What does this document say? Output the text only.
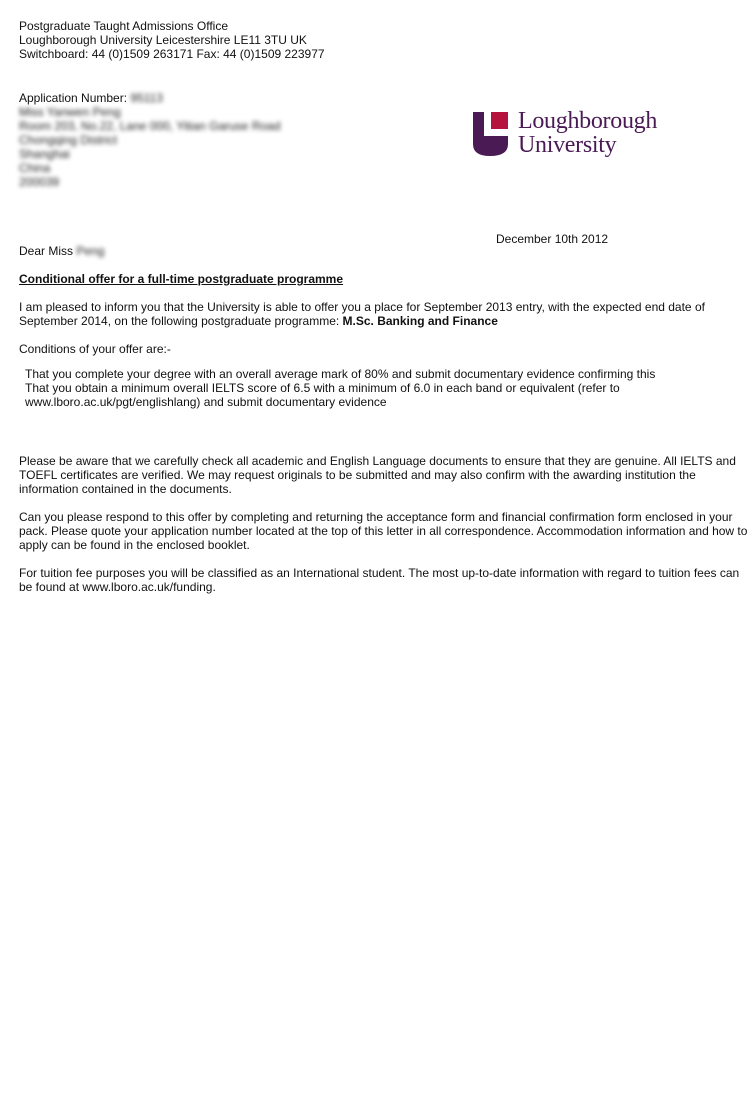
Postgraduate Taught Admissions Office
Loughborough University Leicestershire LE11 3TU UK
Switchboard: 44 (0)1509 263171 Fax: 44 (0)1509 223977
Application Number: 95113
Miss Yanwen Peng
Room 203, No.22, Lane 000, Yitian Garuse Road
Chongqing District
Shanghai
China
200039
Loughborough
University
December 10th 2012
Dear Miss Peng
Conditional offer for a full-time postgraduate programme
I am pleased to inform you that the University is able to offer you a place for September 2013 entry, with the expected end date of
September 2014, on the following postgraduate programme: M.Sc. Banking and Finance
Conditions of your offer are:-
That you complete your degree with an overall average mark of 80% and submit documentary evidence confirming this
That you obtain a minimum overall IELTS score of 6.5 with a minimum of 6.0 in each band or equivalent (refer to
www.lboro.ac.uk/pgt/englishlang) and submit documentary evidence
Please be aware that we carefully check all academic and English Language documents to ensure that they are genuine. All IELTS and
TOEFL certificates are verified. We may request originals to be submitted and may also confirm with the awarding institution the
information contained in the documents.
Can you please respond to this offer by completing and returning the acceptance form and financial confirmation form enclosed in your
pack. Please quote your application number located at the top of this letter in all correspondence. Accommodation information and how to
apply can be found in the enclosed booklet.
For tuition fee purposes you will be classified as an International student. The most up-to-date information with regard to tuition fees can
be found at www.lboro.ac.uk/funding.
